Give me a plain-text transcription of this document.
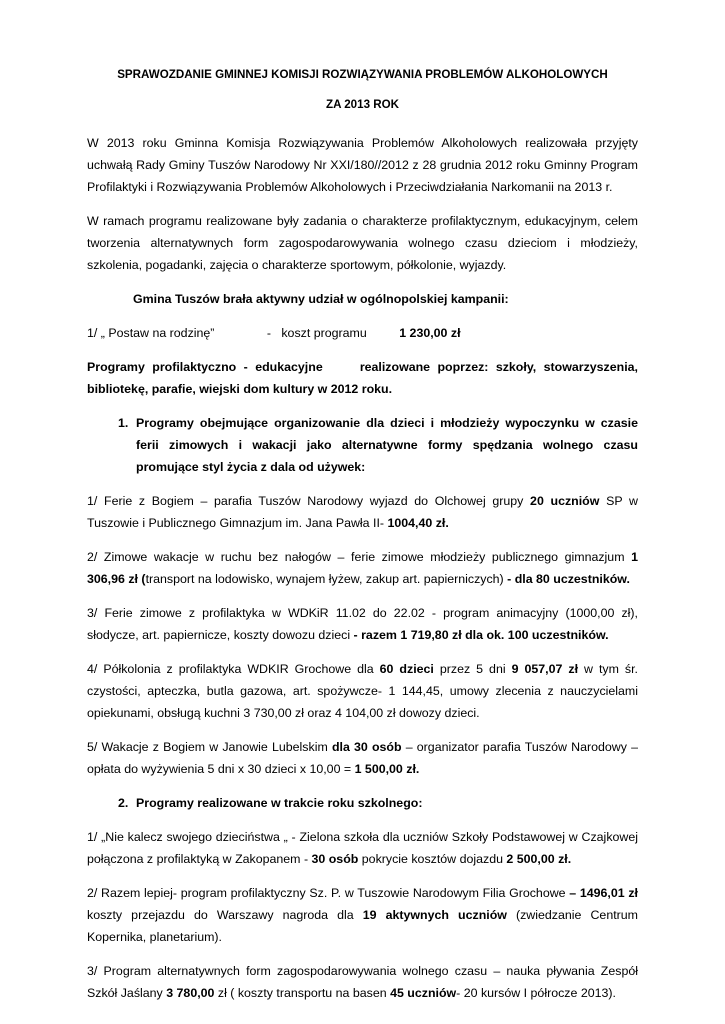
SPRAWOZDANIE GMINNEJ KOMISJI ROZWIĄZYWANIA PROBLEMÓW ALKOHOLOWYCH

ZA 2013 ROK

W 2013 roku Gminna Komisja Rozwiązywania Problemów Alkoholowych realizowała przyjęty uchwałą Rady Gminy Tuszów Narodowy Nr XXI/180//2012 z 28 grudnia 2012 roku Gminny Program Profilaktyki i Rozwiązywania Problemów Alkoholowych i Przeciwdziałania Narkomanii na 2013 r.

W ramach programu realizowane były zadania o charakterze profilaktycznym, edukacyjnym, celem tworzenia alternatywnych form zagospodarowywania wolnego czasu dzieciom i młodzieży, szkolenia, pogadanki, zajęcia o charakterze sportowym, półkolonie, wyjazdy.

Gmina Tuszów brała aktywny udział w ogólnopolskiej kampanii:

1/ „ Postaw na rodzinę”	- koszt programu	1 230,00 zł

Programy profilaktyczno - edukacyjne	realizowane poprzez: szkoły, stowarzyszenia, bibliotekę, parafie, wiejski dom kultury w 2012 roku.

1. Programy obejmujące organizowanie dla dzieci i młodzieży wypoczynku w czasie ferii zimowych i wakacji jako alternatywne formy spędzania wolnego czasu promujące styl życia z dala od używek:

1/ Ferie z Bogiem – parafia Tuszów Narodowy wyjazd do Olchowej grupy 20 uczniów SP w Tuszowie i Publicznego Gimnazjum im. Jana Pawła II- 1004,40 zł.

2/ Zimowe wakacje w ruchu bez nałogów – ferie zimowe młodzieży publicznego gimnazjum 1 306,96 zł (transport na lodowisko, wynajem łyżew, zakup art. papierniczych) - dla 80 uczestników.

3/ Ferie zimowe z profilaktyka w WDKiR 11.02 do 22.02 - program animacyjny (1000,00 zł), słodycze, art. papiernicze, koszty dowozu dzieci - razem 1 719,80 zł dla ok. 100 uczestników.

4/ Półkolonia z profilaktyka WDKIR Grochowe dla 60 dzieci przez 5 dni 9 057,07 zł w tym śr. czystości, apteczka, butla gazowa, art. spożywcze- 1 144,45, umowy zlecenia z nauczycielami opiekunami, obsługą kuchni 3 730,00 zł oraz 4 104,00 zł dowozy dzieci.

5/ Wakacje z Bogiem w Janowie Lubelskim dla 30 osób – organizator parafia Tuszów Narodowy – opłata do wyżywienia 5 dni x 30 dzieci x 10,00 = 1 500,00 zł.

2. Programy realizowane w trakcie roku szkolnego:

1/ „Nie kalecz swojego dzieciństwa „ - Zielona szkoła dla uczniów Szkoły Podstawowej w Czajkowej połączona z profilaktyką w Zakopanem - 30 osób pokrycie kosztów dojazdu 2 500,00 zł.

2/ Razem lepiej- program profilaktyczny Sz. P. w Tuszowie Narodowym Filia Grochowe – 1496,01 zł koszty przejazdu do Warszawy nagroda dla 19 aktywnych uczniów (zwiedzanie Centrum Kopernika, planetarium).

3/ Program alternatywnych form zagospodarowywania wolnego czasu – nauka pływania Zespół Szkół Jaślany 3 780,00 zł ( koszty transportu na basen 45 uczniów- 20 kursów I półrocze 2013).
